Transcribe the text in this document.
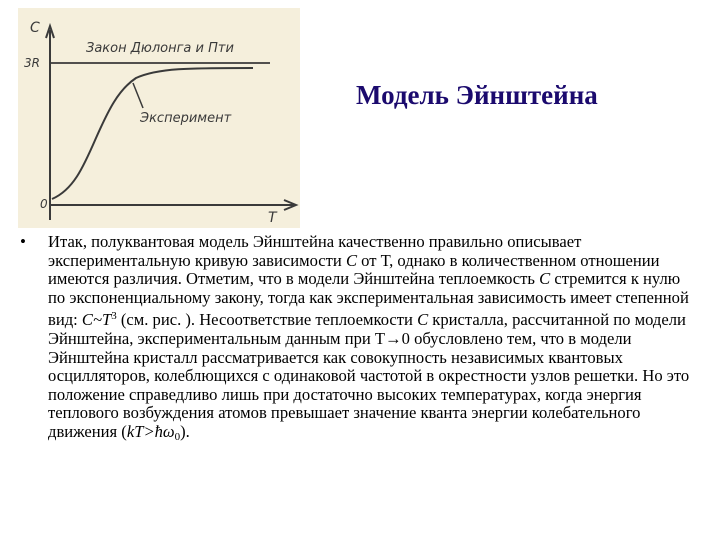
C
3R
0
T
Закон Дюлонга и Пти
Эксперимент
Модель Эйнштейна
• Итак, полуквантовая модель Эйнштейна качественно правильно описывает экспериментальную кривую зависимости C от Т, однако в количественном отношении имеются различия. Отметим, что в модели Эйнштейна теплоемкость C стремится к нулю по экспоненциальному закону, тогда как экспериментальная зависимость имеет степенной вид: $C\sim T^3$ (см. рис. ). Несоответствие теплоемкости C кристалла, рассчитанной по модели Эйнштейна, экспериментальным данным при T→0 обусловлено тем, что в модели Эйнштейна кристалл рассматривается как совокупность независимых квантовых осцилляторов, колеблющихся с одинаковой частотой в окрестности узлов решетки. Но это положение справедливо лишь при достаточно высоких температурах, когда энергия теплового возбуждения атомов превышает значение кванта энергии колебательного движения $(kT>ħ\omega_0)$.
